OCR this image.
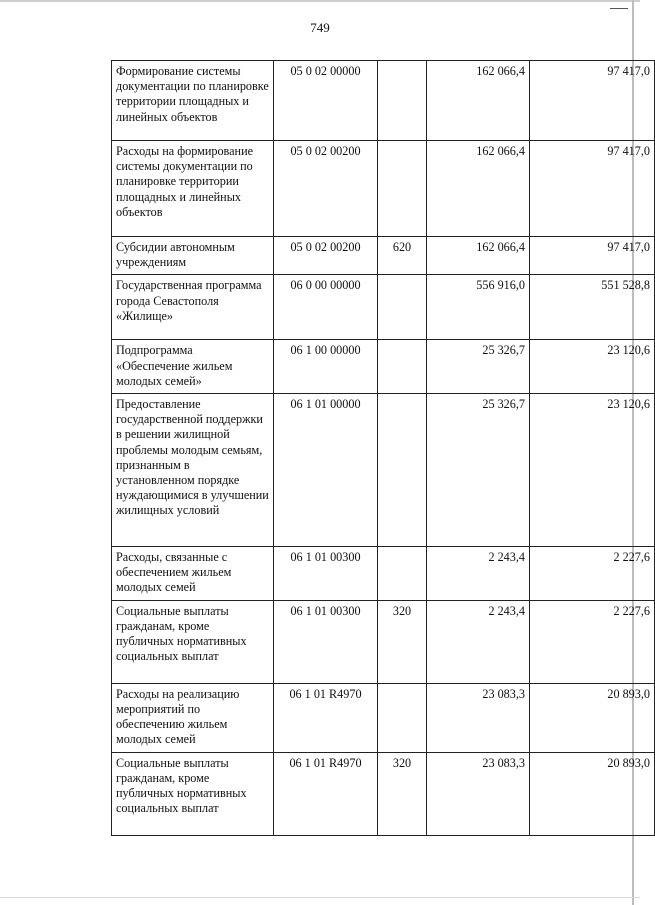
749
Формирование системы документации по планировке территории площадных и линейных объектов	05 0 02 00000		162 066,4	97 417,0
Расходы на формирование системы документации по планировке территории площадных и линейных объектов	05 0 02 00200		162 066,4	97 417,0
Субсидии автономным учреждениям	05 0 02 00200	620	162 066,4	97 417,0
Государственная программа города Севастополя «Жилище»	06 0 00 00000		556 916,0	551 528,8
Подпрограмма «Обеспечение жильем молодых семей»	06 1 00 00000		25 326,7	23 120,6
Предоставление государственной поддержки в решении жилищной проблемы молодым семьям, признанным в установленном порядке нуждающимися в улучшении жилищных условий	06 1 01 00000		25 326,7	23 120,6
Расходы, связанные с обеспечением жильем молодых семей	06 1 01 00300		2 243,4	2 227,6
Социальные выплаты гражданам, кроме публичных нормативных социальных выплат	06 1 01 00300	320	2 243,4	2 227,6
Расходы на реализацию мероприятий по обеспечению жильем молодых семей	06 1 01 R4970		23 083,3	20 893,0
Социальные выплаты гражданам, кроме публичных нормативных социальных выплат	06 1 01 R4970	320	23 083,3	20 893,0
